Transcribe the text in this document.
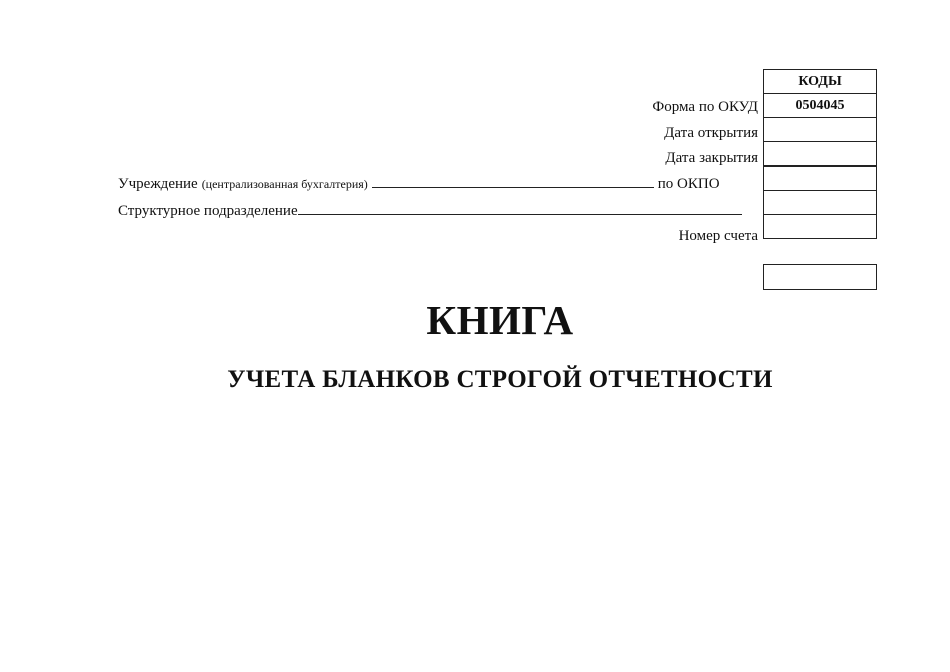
КОДЫ
0504045
Форма по ОКУД
Дата открытия
Дата закрытия
Номер счета
Учреждение (централизованная бухгалтерия)	по ОКПО
Структурное подразделение
КНИГА
УЧЕТА БЛАНКОВ СТРОГОЙ ОТЧЕТНОСТИ
